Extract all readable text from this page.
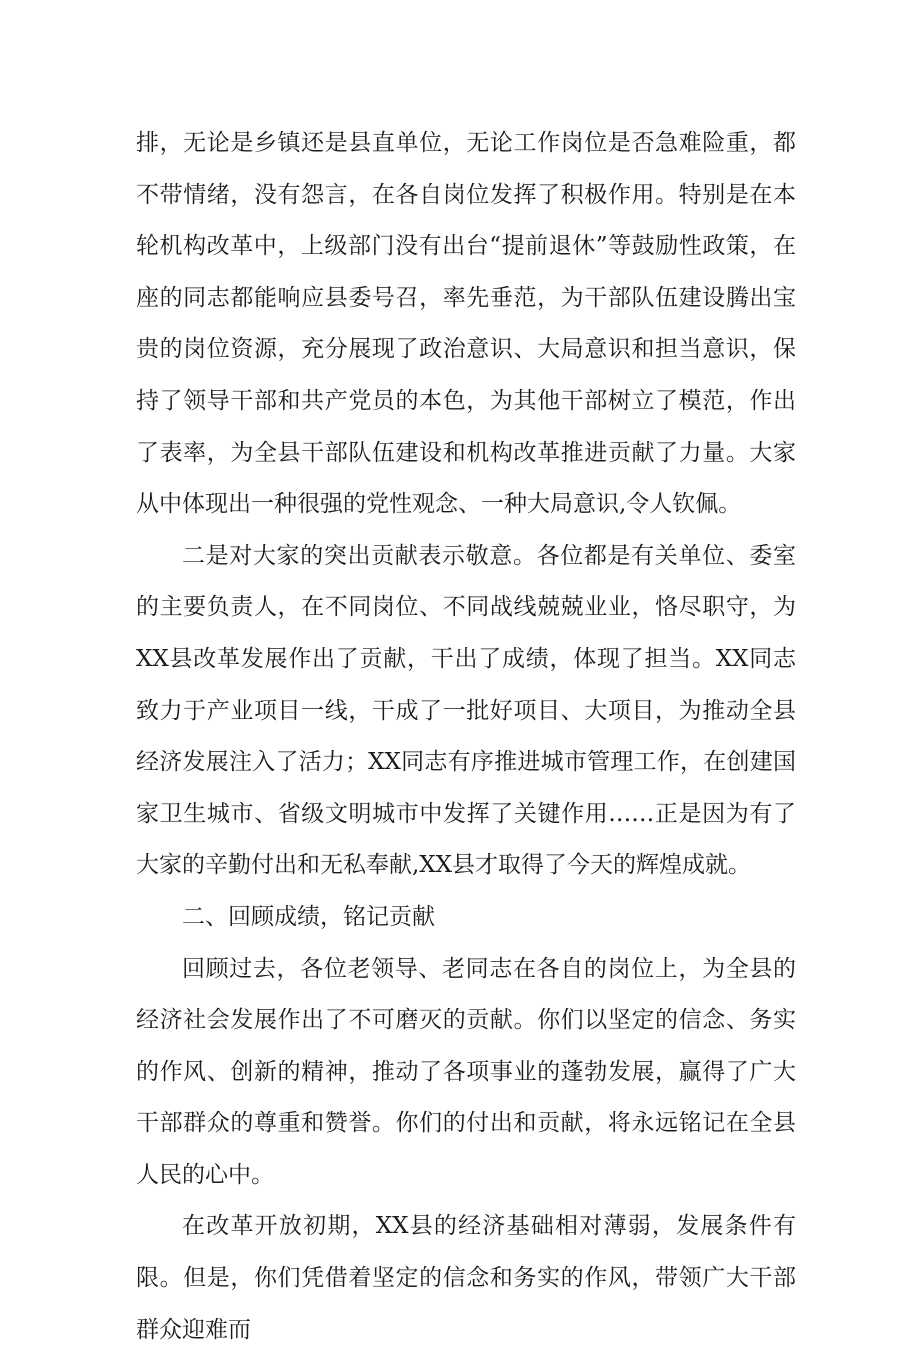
排，无论是乡镇还是县直单位，无论工作岗位是否急难险重，都不带情绪，没有怨言，在各自岗位发挥了积极作用。特别是在本轮机构改革中，上级部门没有出台“提前退休”等鼓励性政策，在座的同志都能响应县委号召，率先垂范，为干部队伍建设腾出宝贵的岗位资源，充分展现了政治意识、大局意识和担当意识，保持了领导干部和共产党员的本色，为其他干部树立了模范，作出了表率，为全县干部队伍建设和机构改革推进贡献了力量。大家从中体现出一种很强的党性观念、一种大局意识,令人钦佩。

二是对大家的突出贡献表示敬意。各位都是有关单位、委室的主要负责人，在不同岗位、不同战线兢兢业业，恪尽职守，为XX县改革发展作出了贡献，干出了成绩，体现了担当。XX同志致力于产业项目一线，干成了一批好项目、大项目，为推动全县经济发展注入了活力；XX同志有序推进城市管理工作，在创建国家卫生城市、省级文明城市中发挥了关键作用……正是因为有了大家的辛勤付出和无私奉献,XX县才取得了今天的辉煌成就。

二、回顾成绩，铭记贡献

回顾过去，各位老领导、老同志在各自的岗位上，为全县的经济社会发展作出了不可磨灭的贡献。你们以坚定的信念、务实的作风、创新的精神，推动了各项事业的蓬勃发展，赢得了广大干部群众的尊重和赞誉。你们的付出和贡献，将永远铭记在全县人民的心中。

在改革开放初期，XX县的经济基础相对薄弱，发展条件有限。但是，你们凭借着坚定的信念和务实的作风，带领广大干部群众迎难而
